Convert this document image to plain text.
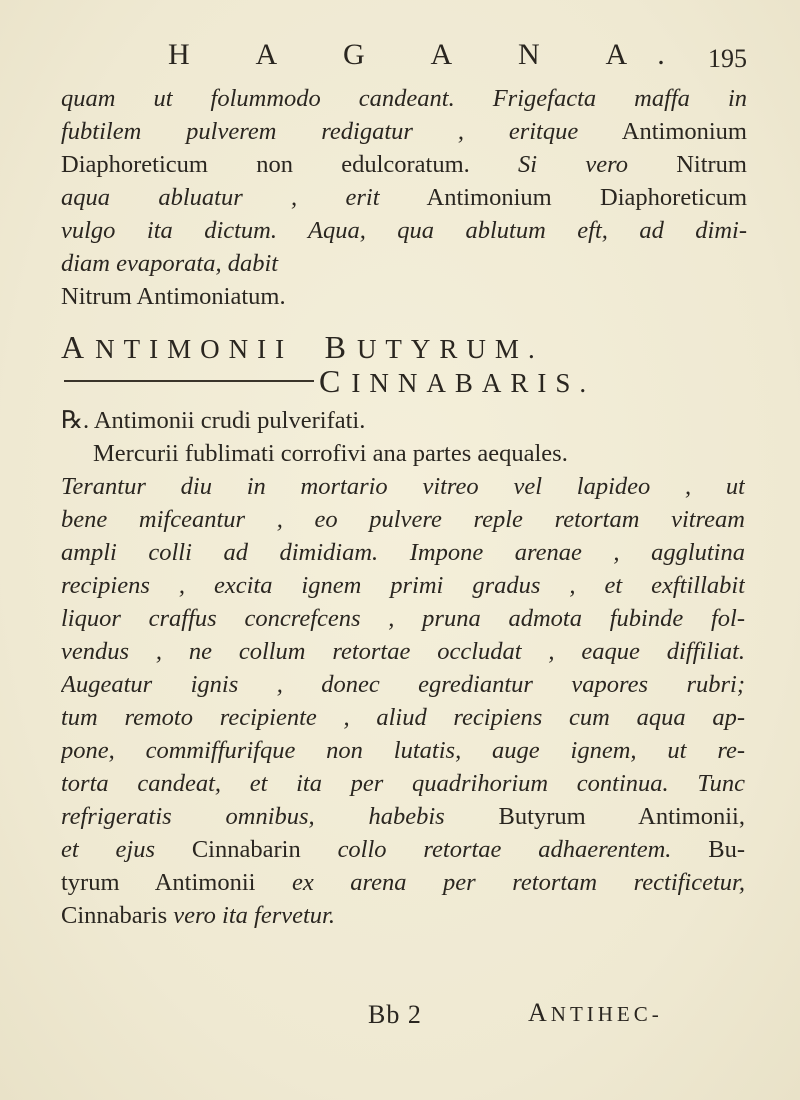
H A G A N A. 195
quam ut folummodo candeant. Frigefacta maffa in
fubtilem pulverem redigatur , eritque Antimonium
Diaphoreticum non edulcoratum. Si vero Nitrum
aqua abluatur , erit Antimonium Diaphoreticum
vulgo ita dictum. Aqua, qua ablutum eft, ad dimi-
diam evaporata, dabit
Nitrum Antimoniatum.
ANTIMONII BUTYRUM.
CINNABARIS.
℞. Antimonii crudi pulverifati.
Mercurii fublimati corrofivi ana partes aequales.
Terantur diu in mortario vitreo vel lapideo , ut
bene mifceantur , eo pulvere reple retortam vitream
ampli colli ad dimidiam. Impone arenae , agglutina
recipiens , excita ignem primi gradus , et exftillabit
liquor craffus concrefcens , pruna admota fubinde fol-
vendus , ne collum retortae occludat , eaque diffiliat.
Augeatur ignis , donec egrediantur vapores rubri;
tum remoto recipiente , aliud recipiens cum aqua ap-
pone, commiffurifque non lutatis, auge ignem, ut re-
torta candeat, et ita per quadrihorium continua. Tunc
refrigeratis omnibus, habebis Butyrum Antimonii,
et ejus Cinnabarin collo retortae adhaerentem. Bu-
tyrum Antimonii ex arena per retortam rectificetur,
Cinnabaris vero ita fervetur.
Bb 2	ANTIHEC-
